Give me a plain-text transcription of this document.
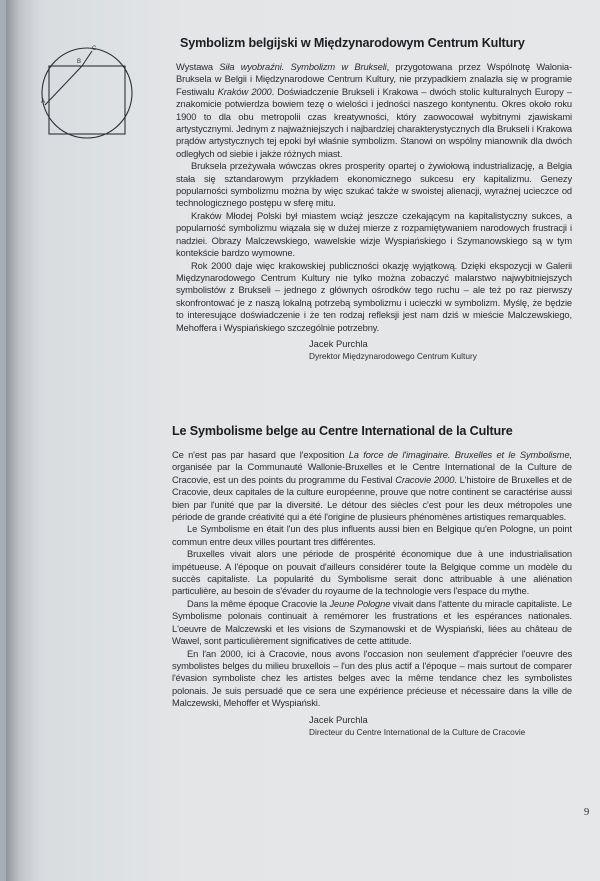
C
B
A
Symbolizm belgijski w Międzynarodowym Centrum Kultury

Wystawa Siła wyobraźni. Symbolizm w Brukseli, przygotowana przez Wspólnotę Walonia-Bruksela w Belgii i Międzynarodowe Centrum Kultury, nie przypadkiem znalazła się w programie Festiwalu Kraków 2000. Doświadczenie Brukseli i Krakowa – dwóch stolic kulturalnych Europy – znakomicie potwierdza bowiem tezę o wielości i jedności naszego kontynentu. Okres około roku 1900 to dla obu metropolii czas kreatywności, który zaowocował wybitnymi zjawiskami artystycznymi. Jednym z najważniejszych i najbardziej charakterystycznych dla Brukseli i Krakowa prądów artystycznych tej epoki był właśnie symbolizm. Stanowi on wspólny mianownik dla dwóch odległych od siebie i jakże różnych miast.

Bruksela przeżywała wówczas okres prosperity opartej o żywiołową industrializację, a Belgia stała się sztandarowym przykładem ekonomicznego sukcesu ery kapitalizmu. Genezy popularności symbolizmu można by więc szukać także w swoistej alienacji, wyraźnej ucieczce od technologicznego postępu w sferę mitu.

Kraków Młodej Polski był miastem wciąż jeszcze czekającym na kapitalistyczny sukces, a popularność symbolizmu wiązała się w dużej mierze z rozpamiętywaniem narodowych frustracji i nadziei. Obrazy Malczewskiego, wawelskie wizje Wyspiańskiego i Szymanowskiego są w tym kontekście bardzo wymowne.

Rok 2000 daje więc krakowskiej publiczności okazję wyjątkową. Dzięki ekspozycji w Galerii Międzynarodowego Centrum Kultury nie tylko można zobaczyć malarstwo najwybitniejszych symbolistów z Brukseli – jednego z głównych ośrodków tego ruchu – ale też po raz pierwszy skonfrontować je z naszą lokalną potrzebą symbolizmu i ucieczki w symbolizm. Myślę, że będzie to interesujące doświadczenie i że ten rodzaj refleksji jest nam dziś w mieście Malczewskiego, Mehoffera i Wyspiańskiego szczególnie potrzebny.

Jacek Purchla
Dyrektor Międzynarodowego Centrum Kultury
Le Symbolisme belge au Centre International de la Culture

Ce n'est pas par hasard que l'exposition La force de l'imaginaire. Bruxelles et le Symbolisme, organisée par la Communauté Wallonie-Bruxelles et le Centre International de la Culture de Cracovie, est un des points du programme du Festival Cracovie 2000. L'histoire de Bruxelles et de Cracovie, deux capitales de la culture européenne, prouve que notre continent se caractérise aussi bien par l'unité que par la diversité. Le détour des siècles c'est pour les deux métropoles une période de grande créativité qui a été l'origine de plusieurs phénomènes artistiques remarquables.

Le Symbolisme en était l'un des plus influents aussi bien en Belgique qu'en Pologne, un point commun entre deux villes pourtant tres différentes.

Bruxelles vivait alors une période de prospérité économique due à une industrialisation impétueuse. A l'époque on pouvait d'ailleurs considérer toute la Belgique comme un modèle du succès capitaliste. La popularité du Symbolisme serait donc attribuable à une aliénation particulière, au besoin de s'évader du royaume de la technologie vers l'espace du mythe.

Dans la même époque Cracovie la Jeune Pologne vivait dans l'attente du miracle capitaliste. Le Symbolisme polonais continuait à remémorer les frustrations et les espérances nationales. L'oeuvre de Malczewski et les visions de Szymanowski et de Wyspiański, liées au château de Wawel, sont particulièrement significatives de cette attitude.

En l'an 2000, ici à Cracovie, nous avons l'occasion non seulement d'apprécier l'oeuvre des symbolistes belges du milieu bruxellois – l'un des plus actif a l'époque – mais surtout de comparer l'évasion symboliste chez les artistes belges avec la même tendance chez les symbolistes polonais. Je suis persuadé que ce sera une expérience précieuse et nécessaire dans la ville de Malczewski, Mehoffer et Wyspiański.

Jacek Purchla
Directeur du Centre International de la Culture de Cracovie
9
